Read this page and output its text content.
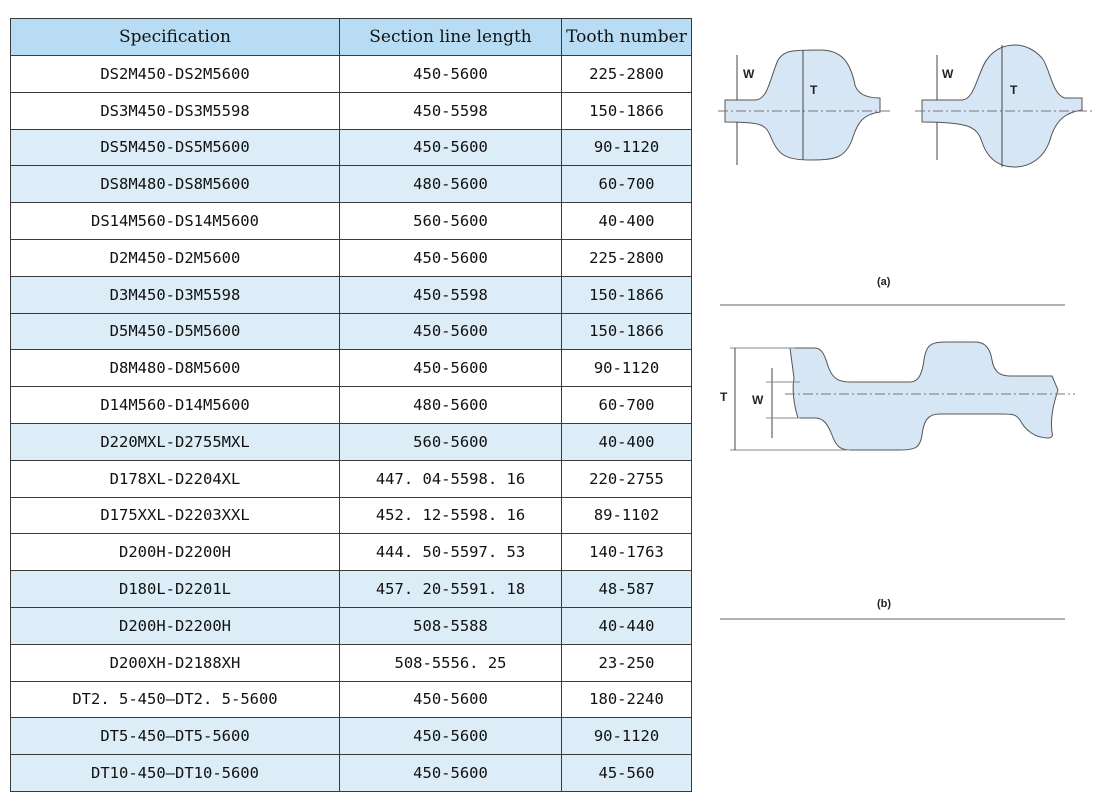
Specification	Section line length	Tooth number
DS2M450-DS2M5600	450-5600	225-2800
DS3M450-DS3M5598	450-5598	150-1866
DS5M450-DS5M5600	450-5600	90-1120
DS8M480-DS8M5600	480-5600	60-700
DS14M560-DS14M5600	560-5600	40-400
D2M450-D2M5600	450-5600	225-2800
D3M450-D3M5598	450-5598	150-1866
D5M450-D5M5600	450-5600	150-1866
D8M480-D8M5600	450-5600	90-1120
D14M560-D14M5600	480-5600	60-700
D220MXL-D2755MXL	560-5600	40-400
D178XL-D2204XL	447. 04-5598. 16	220-2755
D175XXL-D2203XXL	452. 12-5598. 16	89-1102
D200H-D2200H	444. 50-5597. 53	140-1763
D180L-D2201L	457. 20-5591. 18	48-587
D200H-D2200H	508-5588	40-440
D200XH-D2188XH	508-5556. 25	23-250
DT2. 5-450—DT2. 5-5600	450-5600	180-2240
DT5-450—DT5-5600	450-5600	90-1120
DT10-450—DT10-5600	450-5600	45-560
W
T
W
T
(a)
T W
(b)
